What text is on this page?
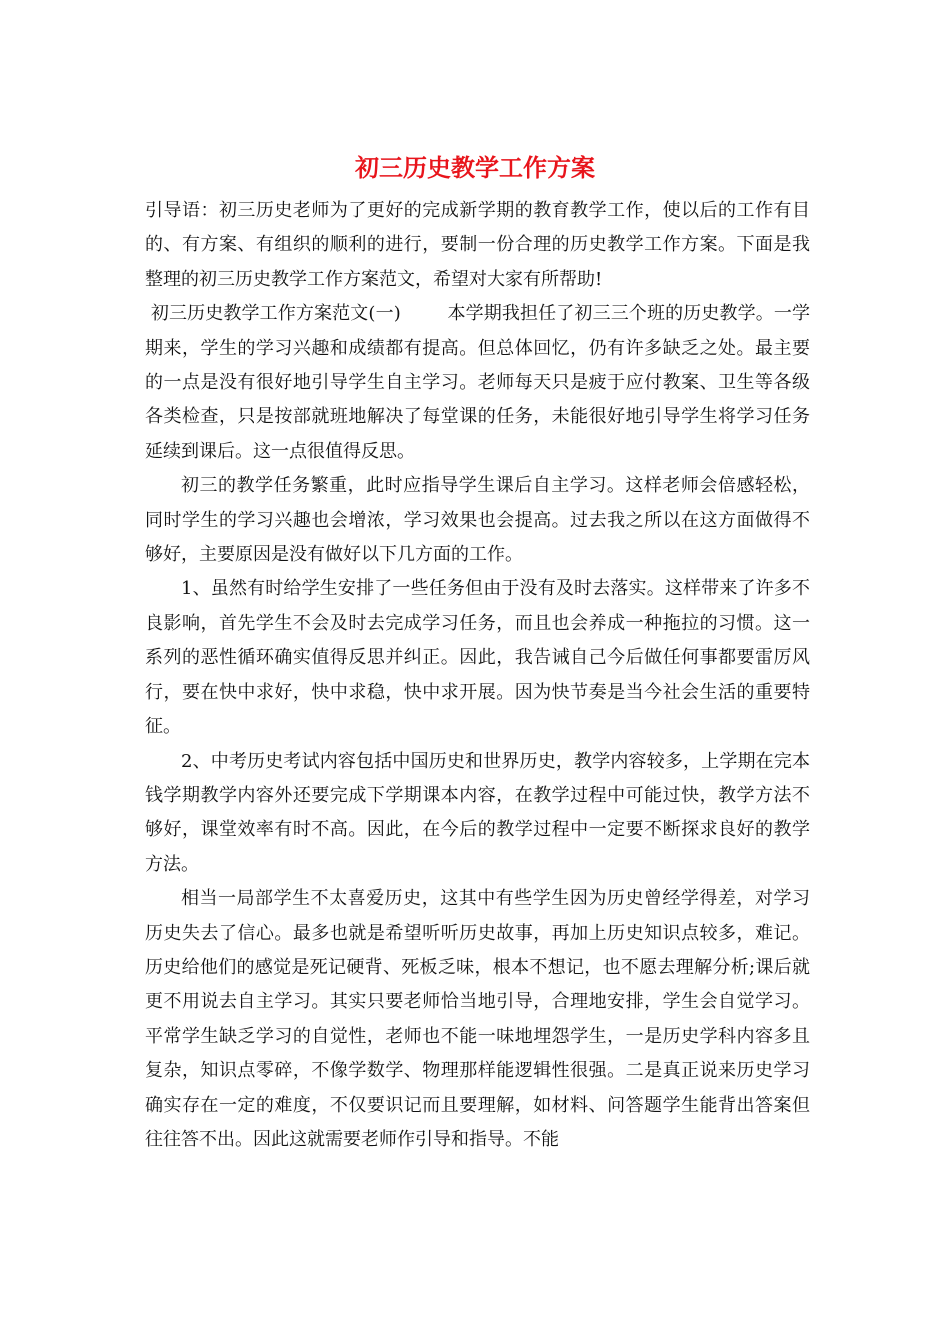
初三历史教学工作方案

引导语：初三历史老师为了更好的完成新学期的教育教学工作，使以后的工作有目的、有方案、有组织的顺利的进行，要制一份合理的历史教学工作方案。下面是我整理的初三历史教学工作方案范文，希望对大家有所帮助!

初三历史教学工作方案范文(一)	本学期我担任了初三三个班的历史教学。一学期来，学生的学习兴趣和成绩都有提高。但总体回忆，仍有许多缺乏之处。最主要的一点是没有很好地引导学生自主学习。老师每天只是疲于应付教案、卫生等各级各类检查，只是按部就班地解决了每堂课的任务，未能很好地引导学生将学习任务延续到课后。这一点很值得反思。

初三的教学任务繁重，此时应指导学生课后自主学习。这样老师会倍感轻松，同时学生的学习兴趣也会增浓，学习效果也会提高。过去我之所以在这方面做得不够好，主要原因是没有做好以下几方面的工作。

1、虽然有时给学生安排了一些任务但由于没有及时去落实。这样带来了许多不良影响，首先学生不会及时去完成学习任务，而且也会养成一种拖拉的习惯。这一系列的恶性循环确实值得反思并纠正。因此，我告诫自己今后做任何事都要雷厉风行，要在快中求好，快中求稳，快中求开展。因为快节奏是当今社会生活的重要特征。

2、中考历史考试内容包括中国历史和世界历史，教学内容较多，上学期在完本钱学期教学内容外还要完成下学期课本内容，在教学过程中可能过快，教学方法不够好，课堂效率有时不高。因此，在今后的教学过程中一定要不断探求良好的教学方法。

相当一局部学生不太喜爱历史，这其中有些学生因为历史曾经学得差，对学习历史失去了信心。最多也就是希望听听历史故事，再加上历史知识点较多，难记。历史给他们的感觉是死记硬背、死板乏味，根本不想记，也不愿去理解分析;课后就更不用说去自主学习。其实只要老师恰当地引导，合理地安排，学生会自觉学习。平常学生缺乏学习的自觉性，老师也不能一味地埋怨学生，一是历史学科内容多且复杂，知识点零碎，不像学数学、物理那样能逻辑性很强。二是真正说来历史学习确实存在一定的难度，不仅要识记而且要理解，如材料、问答题学生能背出答案但往往答不出。因此这就需要老师作引导和指导。不能
